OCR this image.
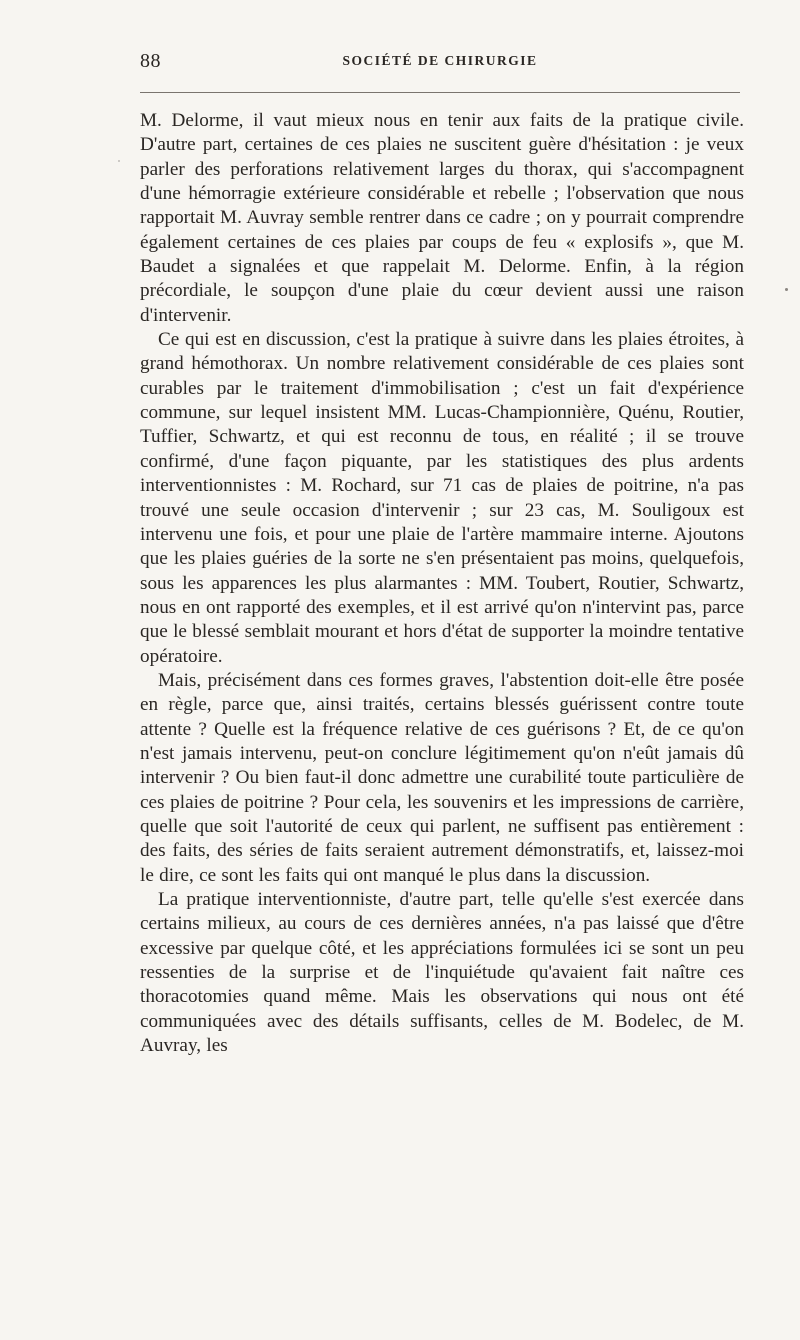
88	SOCIÉTÉ DE CHIRURGIE

M. Delorme, il vaut mieux nous en tenir aux faits de la pratique civile. D'autre part, certaines de ces plaies ne suscitent guère d'hésitation : je veux parler des perforations relativement larges du thorax, qui s'accompagnent d'une hémorragie extérieure considérable et rebelle ; l'observation que nous rapportait M. Auvray semble rentrer dans ce cadre ; on y pourrait comprendre également certaines de ces plaies par coups de feu « explosifs », que M. Baudet a signalées et que rappelait M. Delorme. Enfin, à la région précordiale, le soupçon d'une plaie du cœur devient aussi une raison d'intervenir.

Ce qui est en discussion, c'est la pratique à suivre dans les plaies étroites, à grand hémothorax. Un nombre relativement considérable de ces plaies sont curables par le traitement d'immobilisation ; c'est un fait d'expérience commune, sur lequel insistent MM. Lucas-Championnière, Quénu, Routier, Tuffier, Schwartz, et qui est reconnu de tous, en réalité ; il se trouve confirmé, d'une façon piquante, par les statistiques des plus ardents interventionnistes : M. Rochard, sur 71 cas de plaies de poitrine, n'a pas trouvé une seule occasion d'intervenir ; sur 23 cas, M. Souligoux est intervenu une fois, et pour une plaie de l'artère mammaire interne. Ajoutons que les plaies guéries de la sorte ne s'en présentaient pas moins, quelquefois, sous les apparences les plus alarmantes : MM. Toubert, Routier, Schwartz, nous en ont rapporté des exemples, et il est arrivé qu'on n'intervint pas, parce que le blessé semblait mourant et hors d'état de supporter la moindre tentative opératoire.

Mais, précisément dans ces formes graves, l'abstention doit-elle être posée en règle, parce que, ainsi traités, certains blessés guérissent contre toute attente ? Quelle est la fréquence relative de ces guérisons ? Et, de ce qu'on n'est jamais intervenu, peut-on conclure légitimement qu'on n'eût jamais dû intervenir ? Ou bien faut-il donc admettre une curabilité toute particulière de ces plaies de poitrine ? Pour cela, les souvenirs et les impressions de carrière, quelle que soit l'autorité de ceux qui parlent, ne suffisent pas entièrement : des faits, des séries de faits seraient autrement démonstratifs, et, laissez-moi le dire, ce sont les faits qui ont manqué le plus dans la discussion.

La pratique interventionniste, d'autre part, telle qu'elle s'est exercée dans certains milieux, au cours de ces dernières années, n'a pas laissé que d'être excessive par quelque côté, et les appréciations formulées ici se sont un peu ressenties de la surprise et de l'inquiétude qu'avaient fait naître ces thoracotomies quand même. Mais les observations qui nous ont été communiquées avec des détails suffisants, celles de M. Bodelec, de M. Auvray, les
